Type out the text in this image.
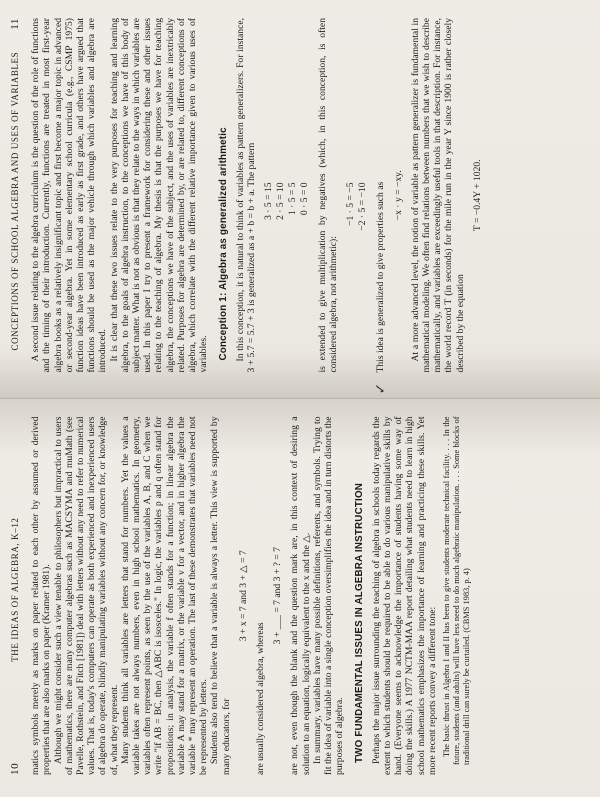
10
THE IDEAS OF ALGEBRA, K–12 matics symbols merely as marks on paper related to each other by assumed or derived properties that are also marks on paper (Kramer 1981). Although we might consider such a view tenable to philosophers but impractical to users of mathematics, there are many computer algebras such as MACSYMA and muMath (see Pavelle, Rothstein, and Fitch [1981]) deal with letters without any need to refer to numerical values. That is, today's computers can operate as both experienced and inexperienced users of algebra do operate, blindly manipulating variables without any concern for, or knowledge of, what they represent. Many students think all variables are letters that stand for numbers. Yet the values a variable takes are not always numbers, even in high school mathematics. In geometry, variables often represent points, as seen by the use of the variables A, B, and C when we write "if AB = BC, then △ABC is isosceles." In logic, the variables p and q often stand for propositions; in analysis, the variable f often stands for a function; in linear algebra the variable A may stand for a matrix, or the variable v for a vector, and in higher algebra the variable * may represent an operation. The last of these demonstrates that variables need not be represented by letters. Students also tend to believe that a variable is always a letter. This view is supported by many educators, for

3 + x = 7 and 3 + △ = 7

are usually considered algebra, whereas

3 + ___ = 7 and 3 + ? = 7 are not, even though the blank and the question mark are, in this context of desiring a solution to an equation, logically equivalent to the x and the △. In summary, variables have many possible definitions, referents, and symbols. Trying to fit the idea of variable into a single conception oversimplifies the idea and in turn distorts the purposes of algebra. TWO FUNDAMENTAL ISSUES IN ALGEBRA INSTRUCTION Perhaps the major issue surrounding the teaching of algebra in schools today regards the extent to which students should be required to be able to do various manipulative skills by hand. (Everyone seems to acknowledge the importance of students having some way of doing the skills.) A 1977 NCTM-MAA report detailing what students need to learn in high school mathematics emphasizes the importance of learning and practicing these skills. Yet more recent reports convey a different tone: The basic thrust in Algebra I and II has been to give students moderate technical facility. . . . In the future, students (and adults) will have less need to do much algebraic manipulation. . . . Some blocks of traditional drill can surely be curtailed. (CBMS 1983, p. 4)

CONCEPTIONS OF SCHOOL ALGEBRA AND USES OF VARIABLES
11 A second issue relating to the algebra curriculum is the question of the role of functions and the timing of their introduction. Currently, functions are treated in most first-year algebra books as a relatively insignificant topic and first become a major topic in advanced or second-year algebra. Yet in some elementary school curricula (e.g., CSMP 1975) function ideas have been introduced as early as first grade, and others have argued that functions should be used as the major vehicle through which variables and algebra are introduced. It is clear that these two issues relate to the very purposes for teaching and learning algebra, to the goals of algebra instruction, to the conceptions we have of this body of subject matter. What is not as obvious is that they relate to the ways in which variables are used. In this paper I try to present a framework for considering these and other issues relating to the teaching of algebra. My thesis is that the purposes we have for teaching algebra, the conceptions we have of the subject, and the uses of variables are inextricably related. Purposes for algebra are determined by, or are related to, different conceptions of algebra, which correlate with the different relative importance given to various uses of variables. Conception 1: Algebra as generalized arithmetic In this conception, it is natural to think of variables as pattern generalizers. For instance, 3 + 5.7 = 5.7 + 3 is generalized as a + b = b + a. The pattern 3 · 5 = 15 2 · 5 = 10 1 · 5 = 5 0 · 5 = 0 is extended to give multiplication by negatives (which, in this conception, is often considered algebra, not arithmetic):

−1 · 5 = −5 −2 · 5 = −10 This idea is generalized to give properties such as −x · y = −xy. At a more advanced level, the notion of variable as pattern generalizer is fundamental in mathematical modeling. We often find relations between numbers that we wish to describe mathematically, and variables are exceedingly useful tools in that description. For instance, the world record T (in seconds) for the mile run in the year Y since 1900 is rather closely described by the equation

T = −0.4Y + 1020.
✓
